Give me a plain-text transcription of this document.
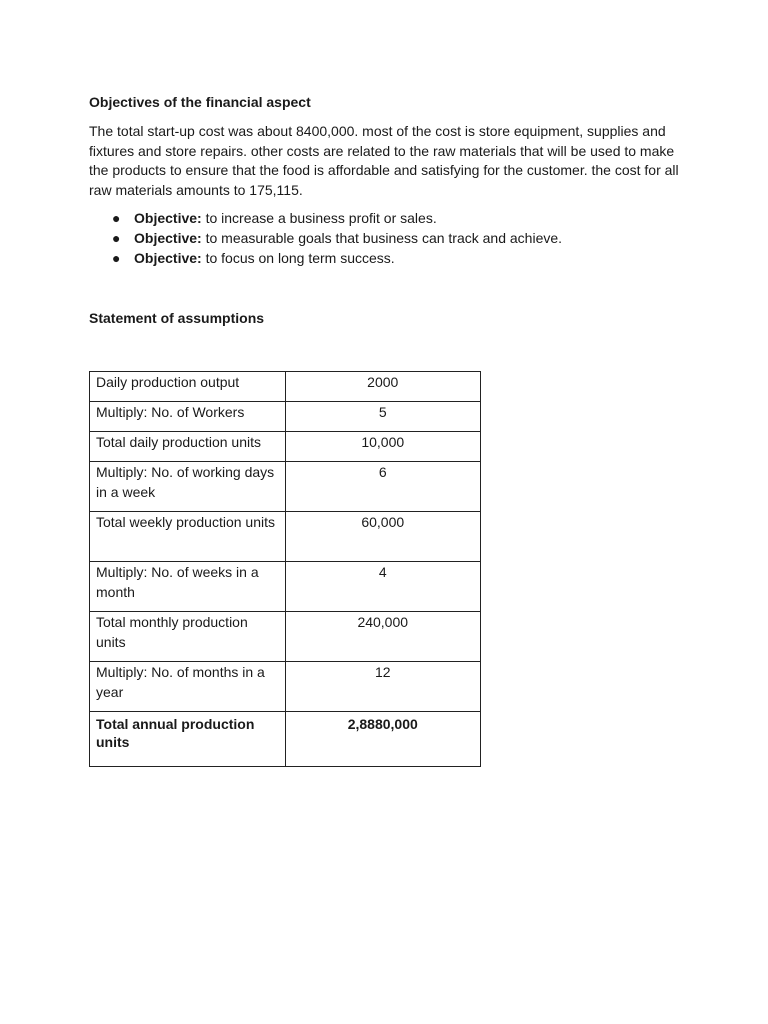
Objectives of the financial aspect

The total start-up cost was about 8400,000. most of the cost is store equipment, supplies and fixtures and store repairs. other costs are related to the raw materials that will be used to make the products to ensure that the food is affordable and satisfying for the customer. the cost for all raw materials amounts to 175,115.

● Objective: to increase a business profit or sales.
● Objective: to measurable goals that business can track and achieve.
● Objective: to focus on long term success.

Statement of assumptions

Daily production output	2000
Multiply: No. of Workers	5
Total daily production units	10,000
Multiply: No. of working days in a week	6
Total weekly production units	60,000
Multiply: No. of weeks in a month	4
Total monthly production units	240,000
Multiply: No. of months in a year	12
Total annual production units	2,8880,000
